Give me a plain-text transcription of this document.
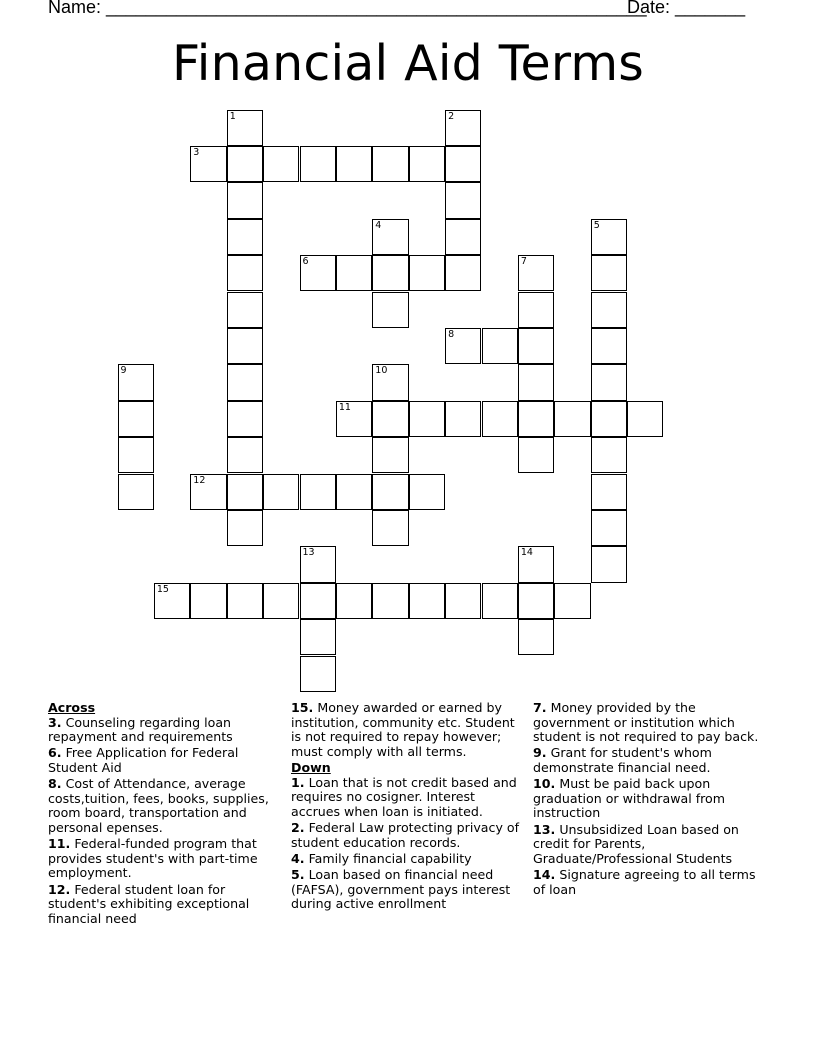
Name: ______________________________________________________
Date: _______
Financial Aid Terms
1	2
3
4	5
6	7
8
9	10
11
12
13	14
15
Across
3. Counseling regarding loan repayment and requirements
6. Free Application for Federal Student Aid
8. Cost of Attendance, average costs,tuition, fees, books, supplies, room board, transportation and personal epenses.
11. Federal-funded program that provides student's with part-time employment.
12. Federal student loan for student's exhibiting exceptional financial need
15. Money awarded or earned by institution, community etc. Student is not required to repay however; must comply with all terms.
Down
1. Loan that is not credit based and requires no cosigner. Interest accrues when loan is initiated.
2. Federal Law protecting privacy of student education records.
4. Family financial capability
5. Loan based on financial need (FAFSA), government pays interest during active enrollment
7. Money provided by the government or institution which student is not required to pay back.
9. Grant for student's whom demonstrate financial need.
10. Must be paid back upon graduation or withdrawal from instruction
13. Unsubsidized Loan based on credit for Parents, Graduate/Professional Students
14. Signature agreeing to all terms of loan
